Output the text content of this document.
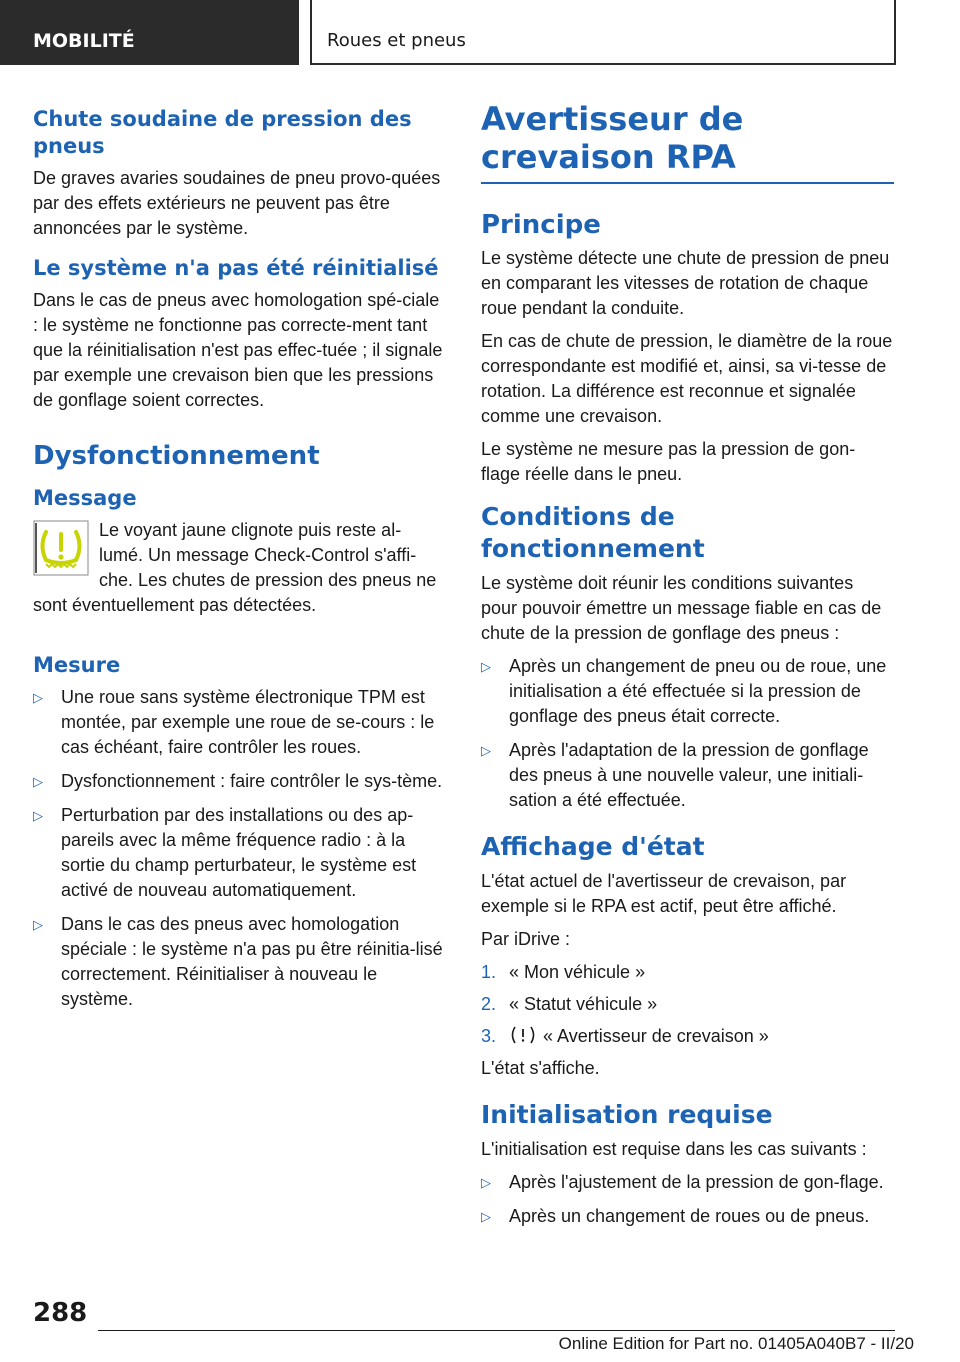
MOBILITÉ	Roues et pneus
Chute soudaine de pression des pneus

De graves avaries soudaines de pneu provo-quées par des effets extérieurs ne peuvent pas être annoncées par le système.

Le système n'a pas été réinitialisé

Dans le cas de pneus avec homologation spé-ciale : le système ne fonctionne pas correcte-ment tant que la réinitialisation n'est pas effec-tuée ; il signale par exemple une crevaison bien que les pressions de gonflage soient correctes.

Dysfonctionnement
Message

Le voyant jaune clignote puis reste al-lumé. Un message Check-Control s'affi-che. Les chutes de pression des pneus ne sont éventuellement pas détectées.

Mesure
▷ Une roue sans système électronique TPM est montée, par exemple une roue de se-cours : le cas échéant, faire contrôler les roues.
▷ Dysfonctionnement : faire contrôler le sys-tème.
▷ Perturbation par des installations ou des ap-pareils avec la même fréquence radio : à la sortie du champ perturbateur, le système est activé de nouveau automatiquement.
▷ Dans le cas des pneus avec homologation spéciale : le système n'a pas pu être réinitia-lisé correctement. Réinitialiser à nouveau le système.
Avertisseur de crevaison RPA
Principe

Le système détecte une chute de pression de pneu en comparant les vitesses de rotation de chaque roue pendant la conduite.

En cas de chute de pression, le diamètre de la roue correspondante est modifié et, ainsi, sa vi-tesse de rotation. La différence est reconnue et signalée comme une crevaison.

Le système ne mesure pas la pression de gon-flage réelle dans le pneu.

Conditions de fonctionnement

Le système doit réunir les conditions suivantes pour pouvoir émettre un message fiable en cas de chute de la pression de gonflage des pneus :

▷ Après un changement de pneu ou de roue, une initialisation a été effectuée si la pression de gonflage des pneus était correcte.
▷ Après l'adaptation de la pression de gonflage des pneus à une nouvelle valeur, une initiali-sation a été effectuée.
Affichage d'état

L'état actuel de l'avertisseur de crevaison, par exemple si le RPA est actif, peut être affiché.

Par iDrive :

1. « Mon véhicule »
2. « Statut véhicule »
3.	« Avertisseur de crevaison »

L'état s'affiche.

Initialisation requise

L'initialisation est requise dans les cas suivants :

▷ Après l'ajustement de la pression de gon-flage.
▷ Après un changement de roues ou de pneus.
288
Online Edition for Part no. 01405A040B7 - II/20
